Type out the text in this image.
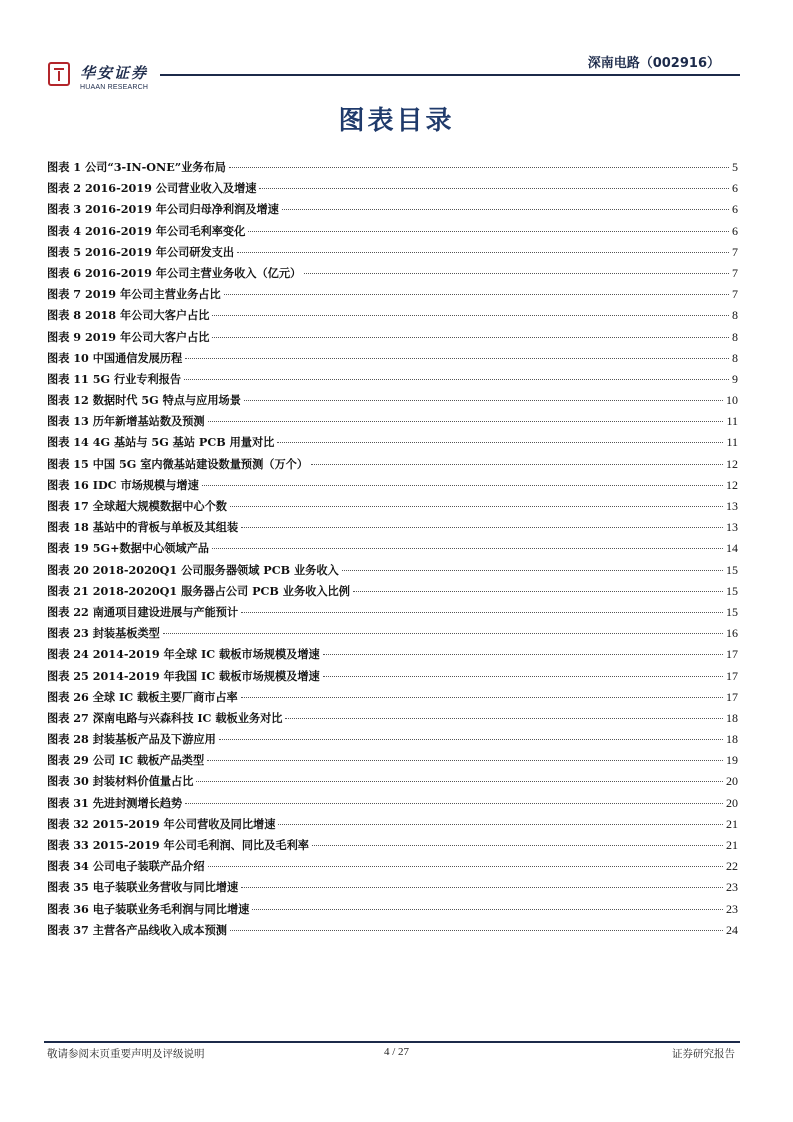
华安证券
HUAAN RESEARCH
深南电路（002916）
图表目录
图表 1 公司“3-IN-ONE”业务布局	5
图表 2 2016-2019 公司营业收入及增速	6
图表 3 2016-2019 年公司归母净利润及增速	6
图表 4 2016-2019 年公司毛利率变化	6
图表 5 2016-2019 年公司研发支出	7
图表 6 2016-2019 年公司主营业务收入（亿元）	7
图表 7 2019 年公司主营业务占比	7
图表 8 2018 年公司大客户占比	8
图表 9 2019 年公司大客户占比	8
图表 10 中国通信发展历程	8
图表 11 5G 行业专利报告	9
图表 12 数据时代 5G 特点与应用场景	10
图表 13 历年新增基站数及预测	11
图表 14 4G 基站与 5G 基站 PCB 用量对比	11
图表 15 中国 5G 室内微基站建设数量预测（万个）	12
图表 16 IDC 市场规模与增速	12
图表 17 全球超大规模数据中心个数	13
图表 18 基站中的背板与单板及其组装	13
图表 19 5G+数据中心领域产品	14
图表 20 2018-2020Q1 公司服务器领域 PCB 业务收入	15
图表 21 2018-2020Q1 服务器占公司 PCB 业务收入比例	15
图表 22 南通项目建设进展与产能预计	15
图表 23 封装基板类型	16
图表 24 2014-2019 年全球 IC 载板市场规模及增速	17
图表 25 2014-2019 年我国 IC 载板市场规模及增速	17
图表 26 全球 IC 载板主要厂商市占率	17
图表 27 深南电路与兴森科技 IC 载板业务对比	18
图表 28 封装基板产品及下游应用	18
图表 29 公司 IC 载板产品类型	19
图表 30 封装材料价值量占比	20
图表 31 先进封测增长趋势	20
图表 32 2015-2019 年公司营收及同比增速	21
图表 33 2015-2019 年公司毛利润、同比及毛利率	21
图表 34 公司电子装联产品介绍	22
图表 35 电子装联业务营收与同比增速	23
图表 36 电子装联业务毛利润与同比增速	23
图表 37 主营各产品线收入成本预测	24
敬请参阅末页重要声明及评级说明	4 / 27	证券研究报告
